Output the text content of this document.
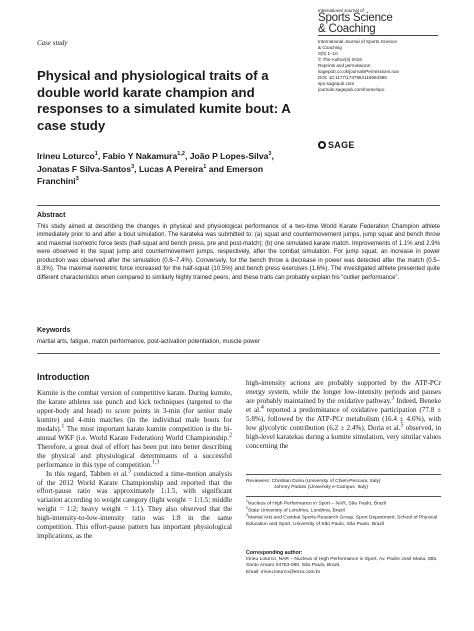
Case study
International Journal of
Sports Science
& Coaching
International Journal of Sports Science
& Coaching
0(0) 1–10
© The Author(s) 2016
Reprints and permissions:
sagepub.co.uk/journalsPermissions.nav
DOI: 10.1177/1747954116684395
spo.sagepub.com
journals.sagepub.com/home/spo
SAGE
Physical and physiological traits of a double world karate champion and responses to a simulated kumite bout: A case study
Irineu Loturco$^1$, Fabio Y Nakamura$^{1,2}$, João P Lopes-Silva$^3$, Jonatas F Silva-Santos$^3$, Lucas A Pereira$^1$ and Emerson Franchini$^3$
Abstract
This study aimed at describing the changes in physical and physiological performance of a two-time World Karate Federation Champion athlete immediately prior to and after a bout simulation. The karateka was submitted to: (a) squat and countermovement jumps, jump squat and bench throw and maximal isometric force tests (half-squat and bench press, pre and post-match); (b) one simulated karate match. Improvements of 1.1% and 2.9% were observed in the squat jump and countermovement jumps, respectively, after the combat simulation. For jump squat, an increase in power production was observed after the simulation (0.6–7.4%). Conversely, for the bench throw a decrease in power was detected after the match (0.5–8.3%). The maximal isometric force increased for the half-squat (10.5%) and bench press exercises (1.6%). The investigated athlete presented quite different characteristics when compared to similarly highly trained peers, and these traits can probably explain his “outlier performance”.
Keywords
martial arts, fatigue, match performance, post-activation potentiation, muscle power
Introduction

Kumite is the combat version of competitive karate. During kumite, the karate athletes use punch and kick techniques (targeted to the upper-body and head) to score points in 3-min (for senior male kumite) and 4-min matches (in the individual male bouts for medals).$^1$ The most important karate kumite competition is the bi-annual WKF (i.e. World Karate Federation) World Championship.$^2$ Therefore, a great deal of effort has been put into better describing the physical and physiological determinants of a successful performance in this type of competition.$^{1,3}$

In this regard, Tabben et al.$^3$ conducted a time-motion analysis of the 2012 World Karate Championship and reported that the effort-pause ratio was approximately 1:1.5, with significant variation according to weight category (light weight = 1:1.5; middle weight = 1:2; heavy weight = 1:1). They also observed that the high-intensity-to-low-intensity ratio was 1:8 in the same competition. This effort-pause pattern has important physiological implications, as the

high-intensity actions are probably supported by the ATP-PCr energy system, while the longer low-intensity periods and pauses are probably maintained by the oxidative pathway.$^3$ Indeed, Beneke et al.$^4$ reported a predominance of oxidative participation (77.8 ± 5.8%), followed by the ATP-PCr metabolism (16.4 ± 4.6%), with low glycolytic contribution (6.2 ± 2.4%). Doria et al.$^5$ observed, in high-level karatekas during a kumite simulation, very similar values concerning the

Reviewers: Christian Doria (University of Chieti-Pescara, Italy)
Johnny Padulo (University e-Campus, Italy)
$^1$Nucleus of High Performance in Sport – NAR, São Paulo, Brazil
$^2$State University of Londrina, Londrina, Brazil
$^3$Martial Arts and Combat Sports Research Group, Sport Department, School of Physical Education and Sport, University of São Paulo, São Paulo, Brazil
Corresponding author:
Irineu Loturco, NAR – Nucleus of High Performance in Sport, Av. Padre José Maria, 555, Santo Amaro 04753-060, São Paulo, Brazil.
Email: irineu.loturco@terra.com.br
